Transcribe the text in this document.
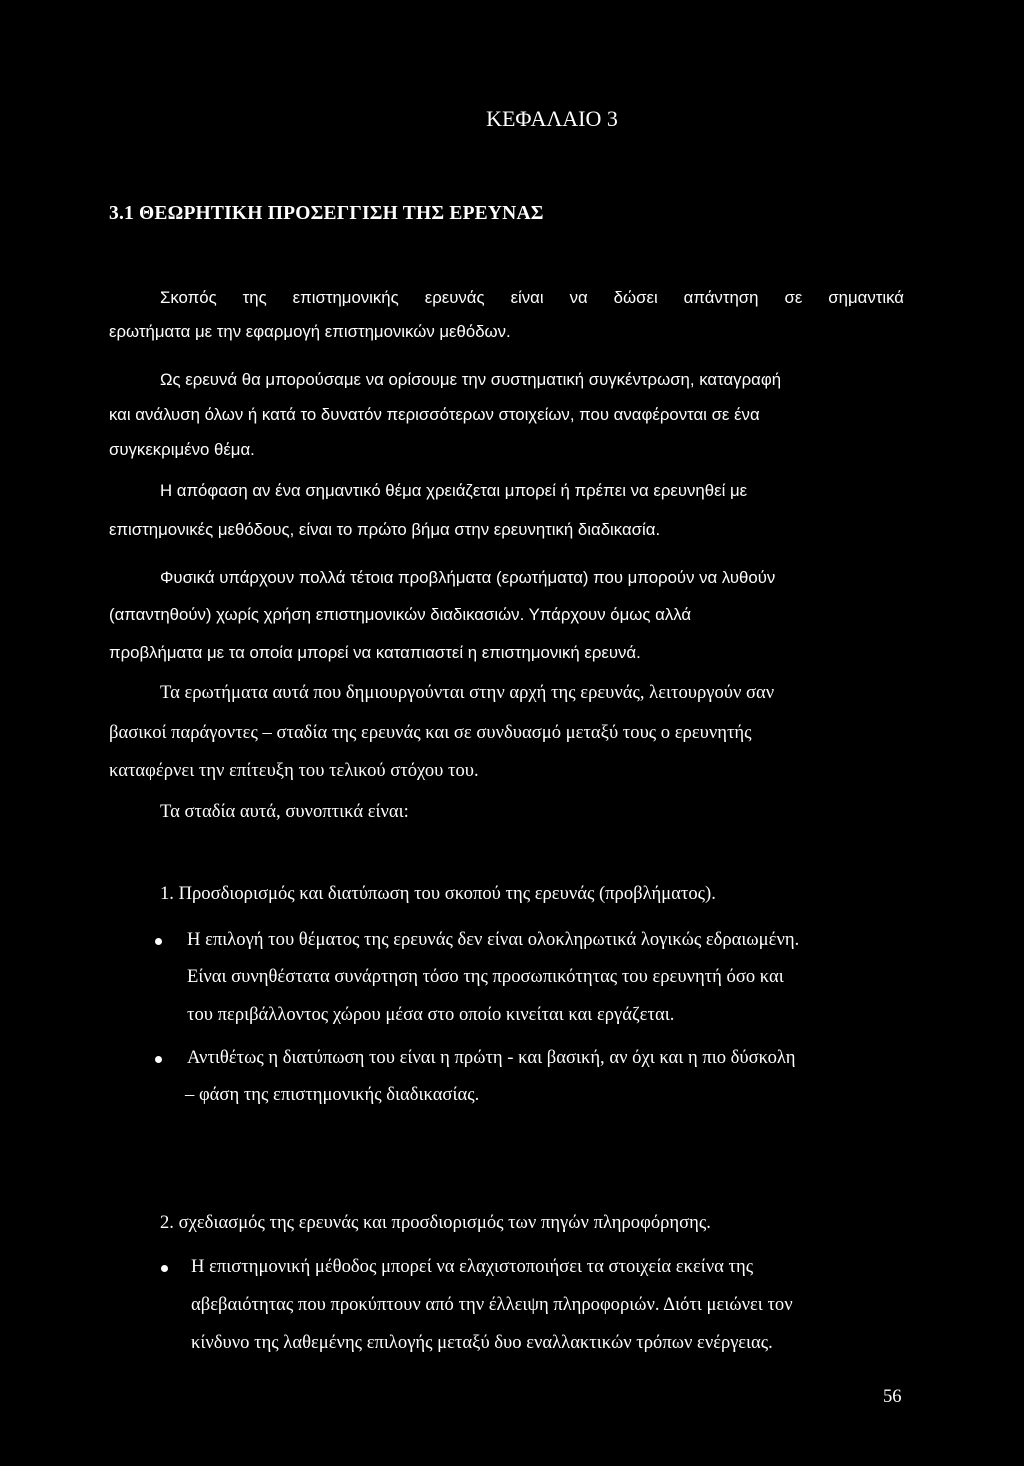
ΚΕΦΑΛΑΙΟ 3
3.1 ΘΕΩΡΗΤΙΚΗ ΠΡΟΣΕΓΓΙΣΗ ΤΗΣ ΕΡΕΥΝΑΣ
Σκοπός της επιστημονικής ερευνάς είναι να δώσει απάντηση σε σημαντικά
ερωτήματα με την εφαρμογή επιστημονικών μεθόδων.
Ως ερευνά θα μπορούσαμε να ορίσουμε την συστηματική συγκέντρωση, καταγραφή
και ανάλυση όλων ή κατά το δυνατόν περισσότερων στοιχείων, που αναφέρονται σε ένα
συγκεκριμένο θέμα.
Η απόφαση αν ένα σημαντικό θέμα χρειάζεται μπορεί ή πρέπει να ερευνηθεί με
επιστημονικές μεθόδους, είναι το πρώτο βήμα στην ερευνητική διαδικασία.
Φυσικά υπάρχουν πολλά τέτοια προβλήματα (ερωτήματα) που μπορούν να λυθούν
(απαντηθούν) χωρίς χρήση επιστημονικών διαδικασιών. Υπάρχουν όμως αλλά
προβλήματα με τα οποία μπορεί να καταπιαστεί η επιστημονική ερευνά.
Τα ερωτήματα αυτά που δημιουργούνται στην αρχή της ερευνάς, λειτουργούν σαν
βασικοί παράγοντες – σταδία της ερευνάς και σε συνδυασμό μεταξύ τους ο ερευνητής
καταφέρνει την επίτευξη του τελικού στόχου του.
Τα σταδία αυτά, συνοπτικά είναι:
1. Προσδιορισμός και διατύπωση του σκοπού της ερευνάς (προβλήματος).
Η επιλογή του θέματος της ερευνάς δεν είναι ολοκληρωτικά λογικώς εδραιωμένη.
Είναι συνηθέστατα συνάρτηση τόσο της προσωπικότητας του ερευνητή όσο και
του περιβάλλοντος χώρου μέσα στο οποίο κινείται και εργάζεται.
Αντιθέτως η διατύπωση του είναι η πρώτη - και βασική, αν όχι και η πιο δύσκολη
– φάση της επιστημονικής διαδικασίας.
2. σχεδιασμός της ερευνάς και προσδιορισμός των πηγών πληροφόρησης.
Η επιστημονική μέθοδος μπορεί να ελαχιστοποιήσει τα στοιχεία εκείνα της
αβεβαιότητας που προκύπτουν από την έλλειψη πληροφοριών. Διότι μειώνει τον
κίνδυνο της λαθεμένης επιλογής μεταξύ δυο εναλλακτικών τρόπων ενέργειας.
56
